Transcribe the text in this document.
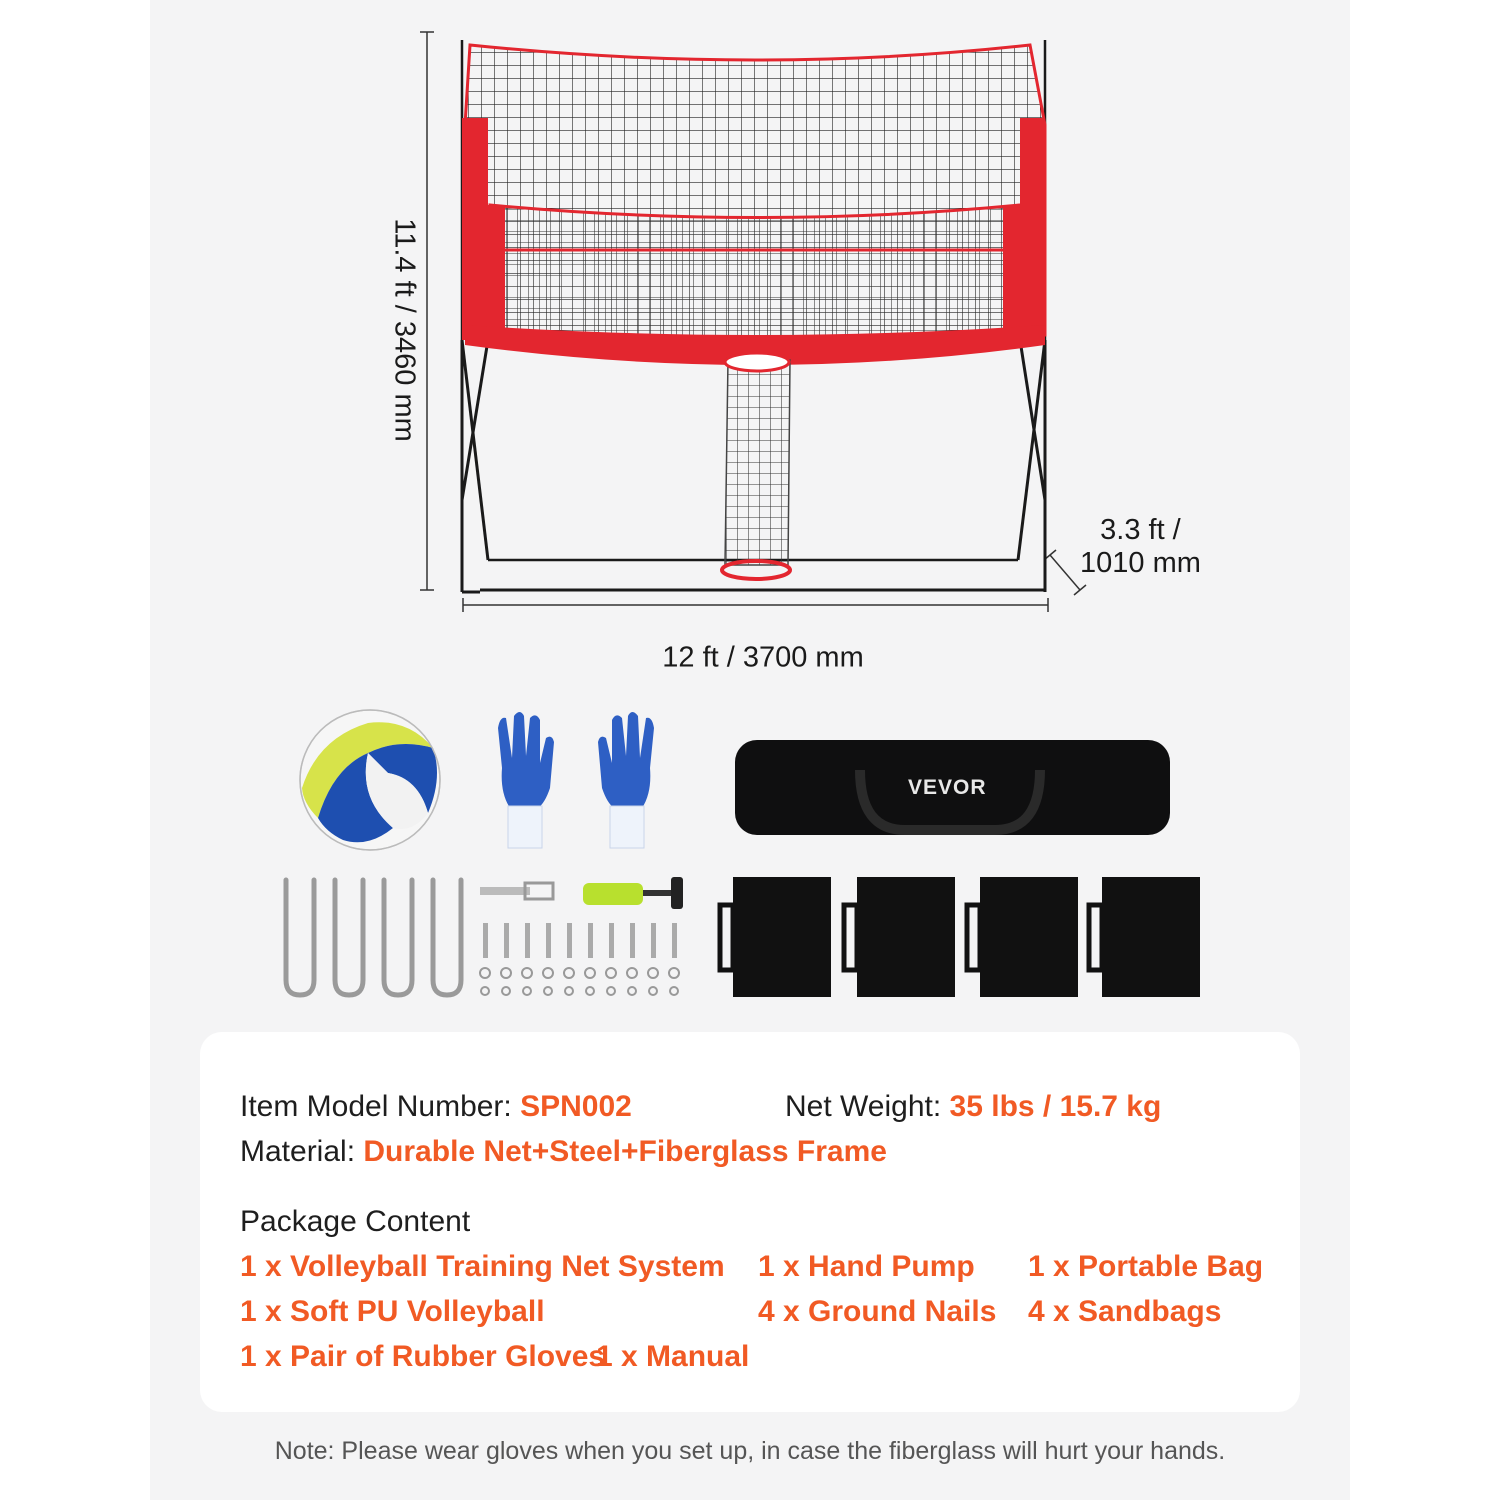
11.4 ft / 3460 mm
12 ft / 3700 mm
3.3 ft /
1010 mm
VEVOR
Item Model Number: SPN002	Net Weight: 35 lbs / 15.7 kg
Material: Durable Net+Steel+Fiberglass Frame
Package Content
1 x Volleyball Training Net System 1 x Hand Pump 1 x Portable Bag
1 x Soft PU Volleyball	4 x Ground Nails 4 x Sandbags
1 x Pair of Rubber Gloves
1 x Manual
Note: Please wear gloves when you set up, in case the fiberglass will hurt your hands.
